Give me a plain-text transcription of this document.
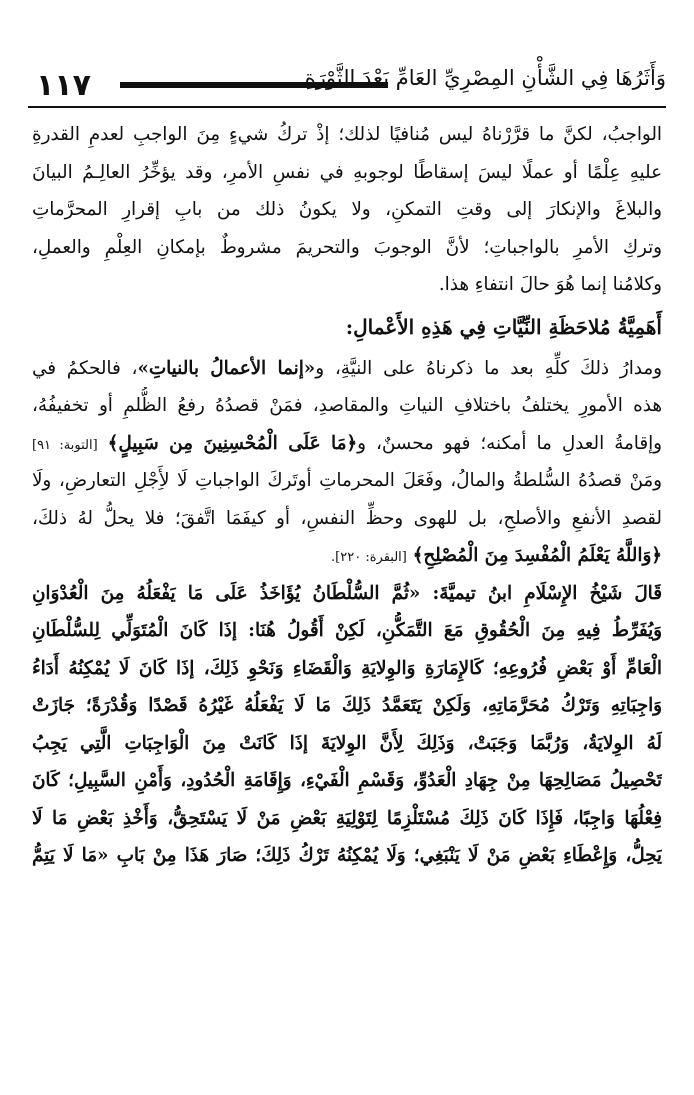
١١٧	وَأَثَرُهَا فِي الشَّأْنِ المِصْرِيِّ العَامِّ بَعْدَ الثَّوْرَةِ
الواجبُ، لكنَّ ما قرَّرْناهُ ليس مُنافيًا لذلك؛ إذْ تركُ شيءٍ مِنَ الواجبِ لعدمِ القدرةِ
عليهِ عِلْمًا أو عملًا ليسَ إسقاطًا لوجوبهِ في نفسِ الأمرِ، وقد يؤخِّرُ العالِـمُ البيانَ
والبلاغَ والإنكارَ إلى وقتِ التمكنِ، ولا يكونُ ذلك من بابِ إقرارِ المحرَّماتِ
وتركِ الأمرِ بالواجباتِ؛ لأنَّ الوجوبَ والتحريمَ مشروطٌ بإمكانِ العِلْمِ والعملِ،
وكلامُنا إنما هُوَ حالَ انتفاءِ هذا.
أَهَمِيَّةُ مُلاحَظَةِ النِّيَّاتِ فِي هَذِهِ الأَعْمالِ:
ومدارُ ذلكَ كلِّهِ بعد ما ذكرناهُ على النيَّةِ، و«إنما الأعمالُ بالنياتِ»، فالحكمُ في
هذه الأمورِ يختلفُ باختلافِ النياتِ والمقاصدِ، فمَنْ قصدُهُ رفعُ الظُّلمِ أو تخفيفُهُ،
وإقامةُ العدلِ ما أمكنه؛ فهو محسنٌ، و﴿مَا عَلَى الْمُحْسِنِينَ مِن سَبِيلٍ﴾ [التوبة: ٩١]
ومَنْ قصدُهُ السُّلطةُ والمالُ، وفَعَلَ المحرماتِ أوتَركَ الواجباتِ لَا لأَِجْلِ التعارضِ، ولَا
لقصدِ الأنفعِ والأصلحِ، بل للهوى وحظِّ النفسِ، أو كيفَمَا اتَّفقَ؛ فلا يحلُّ لهُ ذلكَ،
﴿وَاللَّهُ يَعْلَمُ الْمُفْسِدَ مِنَ الْمُصْلِحِ﴾ [البقرة: ٢٢٠].
قَالَ شَيْخُ الإِسْلَامِ ابنُ تيميَّةَ: «ثُمَّ السُّلْطَانُ يُؤَاخَذُ عَلَى مَا يَفْعَلُهُ مِنَ الْعُدْوَانِ
وَيُفَرِّطُ فِيهِ مِنَ الْحُقُوقِ مَعَ التَّمَكُّنِ، لَكِنْ أَقُولُ هُنَا: إذَا كَانَ الْمُتَوَلِّي لِلسُّلْطَانِ
الْعَامِّ أَوْ بَعْضِ فُرُوعِهِ؛ كَالإِمَارَةِ وَالوِلايَةِ وَالْقَضَاءِ وَنَحْوِ ذَلِكَ، إذَا كَانَ لَا يُمْكِنُهُ أَدَاءُ
وَاجِبَاتِهِ وَتَرْكُ مُحَرَّمَاتِهِ، وَلَكِنْ يَتَعَمَّدُ ذَلِكَ مَا لَا يَفْعَلُهُ غَيْرُهُ قَصْدًا وَقُدْرَةً؛ جَازَتْ
لَهُ الوِلايَةُ، وَرُبَّمَا وَجَبَتْ، وَذَلِكَ لِأَنَّ الوِلايَةَ إذَا كَانَتْ مِنَ الْوَاجِبَاتِ الَّتِي يَجِبُ
تَحْصِيلُ مَصَالِحِهَا مِنْ جِهَادِ الْعَدُوِّ، وَقَسْمِ الْفَيْءِ، وَإِقَامَةِ الْحُدُودِ، وَأَمْنِ السَّبِيلِ؛ كَانَ
فِعْلُهَا وَاجِبًا، فَإِذَا كَانَ ذَلِكَ مُسْتَلْزِمًا لِتَوْلِيَةِ بَعْضِ مَنْ لَا يَسْتَحِقُّ، وَأَخْذِ بَعْضِ مَا لَا
يَحِلُّ، وَإِعْطَاءِ بَعْضِ مَنْ لَا يَنْبَغِي؛ وَلَا يُمْكِنُهُ تَرْكُ ذَلِكَ؛ صَارَ هَذَا مِنْ بَابِ «مَا لَا يَتِمُّ
